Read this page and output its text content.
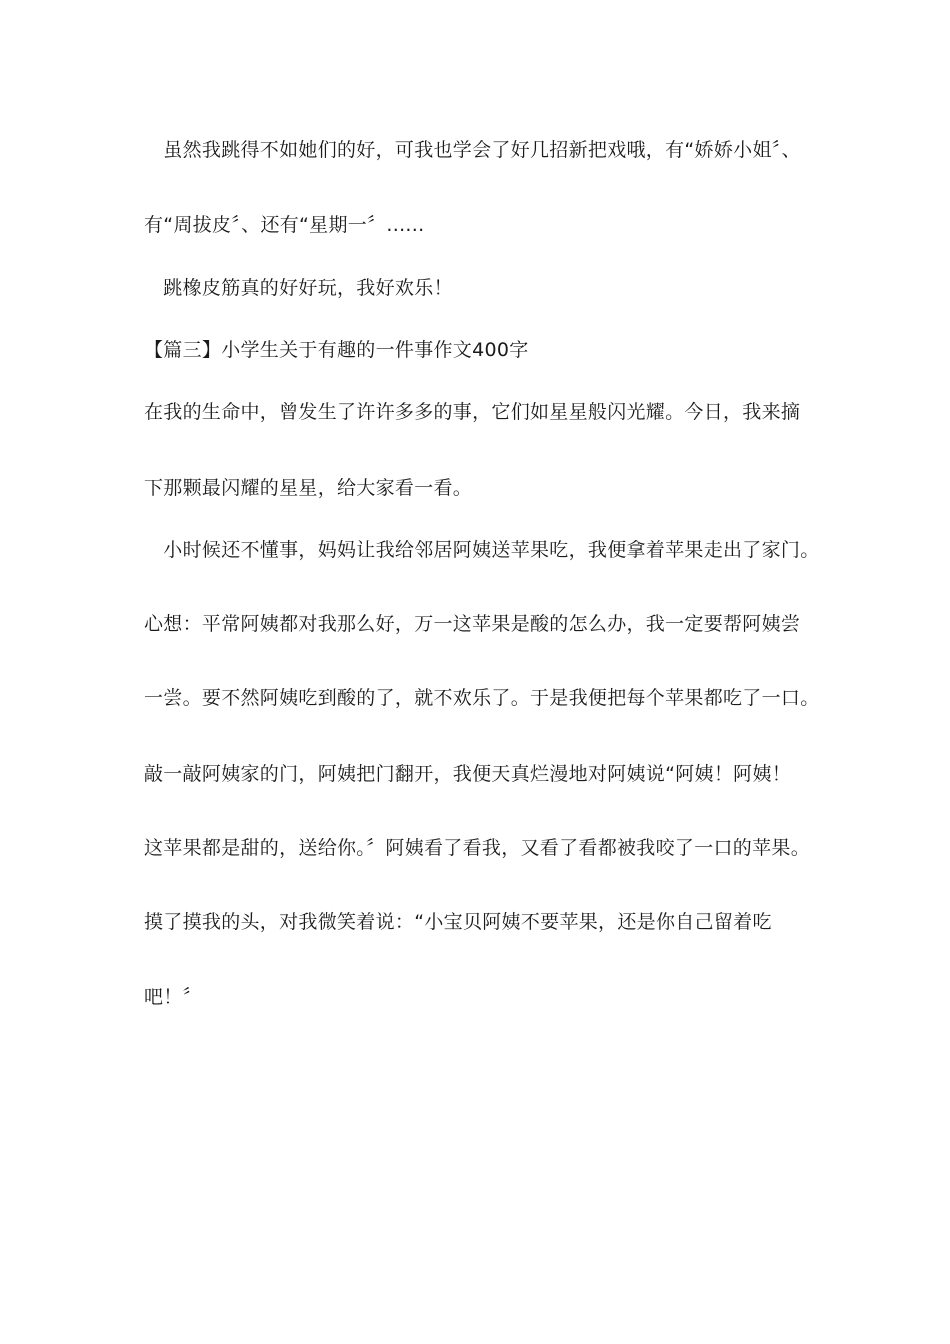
　虽然我跳得不如她们的好，可我也学会了好几招新把戏哦，有“娇娇小姐〞、
有“周拔皮〞、还有“星期一〞......
　跳橡皮筋真的好好玩，我好欢乐！
【篇三】小学生关于有趣的一件事作文400字
在我的生命中，曾发生了许许多多的事，它们如星星般闪光耀。今日，我来摘
下那颗最闪耀的星星，给大家看一看。
　小时候还不懂事，妈妈让我给邻居阿姨送苹果吃，我便拿着苹果走出了家门。
心想：平常阿姨都对我那么好，万一这苹果是酸的怎么办，我一定要帮阿姨尝
一尝。要不然阿姨吃到酸的了，就不欢乐了。于是我便把每个苹果都吃了一口。
敲一敲阿姨家的门，阿姨把门翻开，我便天真烂漫地对阿姨说“阿姨！阿姨！
这苹果都是甜的，送给你。〞阿姨看了看我，又看了看都被我咬了一口的苹果。
摸了摸我的头，对我微笑着说：“小宝贝阿姨不要苹果，还是你自己留着吃
吧！〞
